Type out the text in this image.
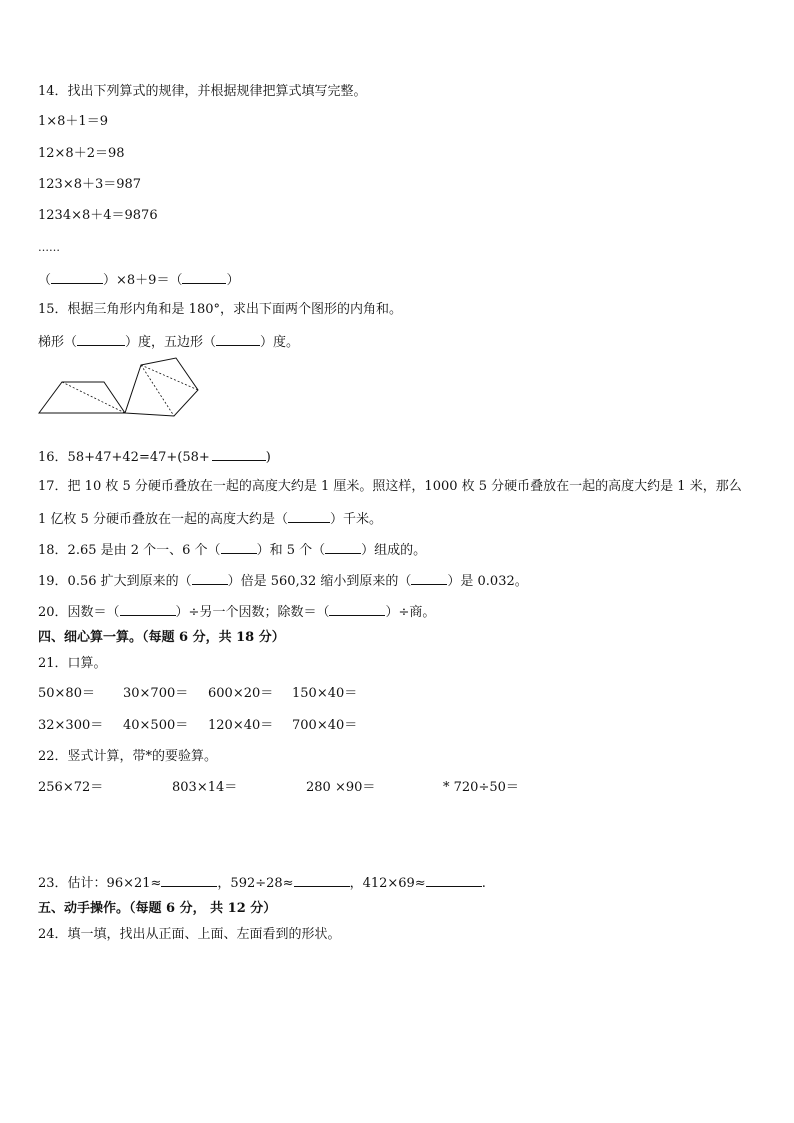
14．找出下列算式的规律，并根据规律把算式填写完整。
1×8＋1＝9
12×8＋2＝98
123×8＋3＝987
1234×8＋4＝9876
……
（	）×8＋9＝（	）
15．根据三角形内角和是 180°，求出下面两个图形的内角和。
梯形（	）度，五边形（	）度。
16．58+47+42=47+(58+	)
17．把 10 枚 5 分硬币叠放在一起的高度大约是 1 厘米。照这样，1000 枚 5 分硬币叠放在一起的高度大约是 1 米，那么
1 亿枚 5 分硬币叠放在一起的高度大约是（	）千米。
18．2.65 是由 2 个一、6 个（	）和 5 个（	）组成的。
19．0.56 扩大到原来的（	）倍是 560,32 缩小到原来的（	）是 0.032。
20．因数＝（	）÷另一个因数；除数＝（	）÷商。
四、细心算一算。（每题 6 分，共 18 分）
21．口算。
50×80＝ 30×700＝ 600×20＝ 150×40＝
32×300＝ 40×500＝ 120×40＝ 700×40＝
22．竖式计算，带*的要验算。
256×72＝	803×14＝	280 ×90＝	* 720÷50＝
23．估计：96×21≈	，592÷28≈	，412×69≈	.
五、动手操作。（每题 6 分， 共 12 分）
24．填一填，找出从正面、上面、左面看到的形状。
